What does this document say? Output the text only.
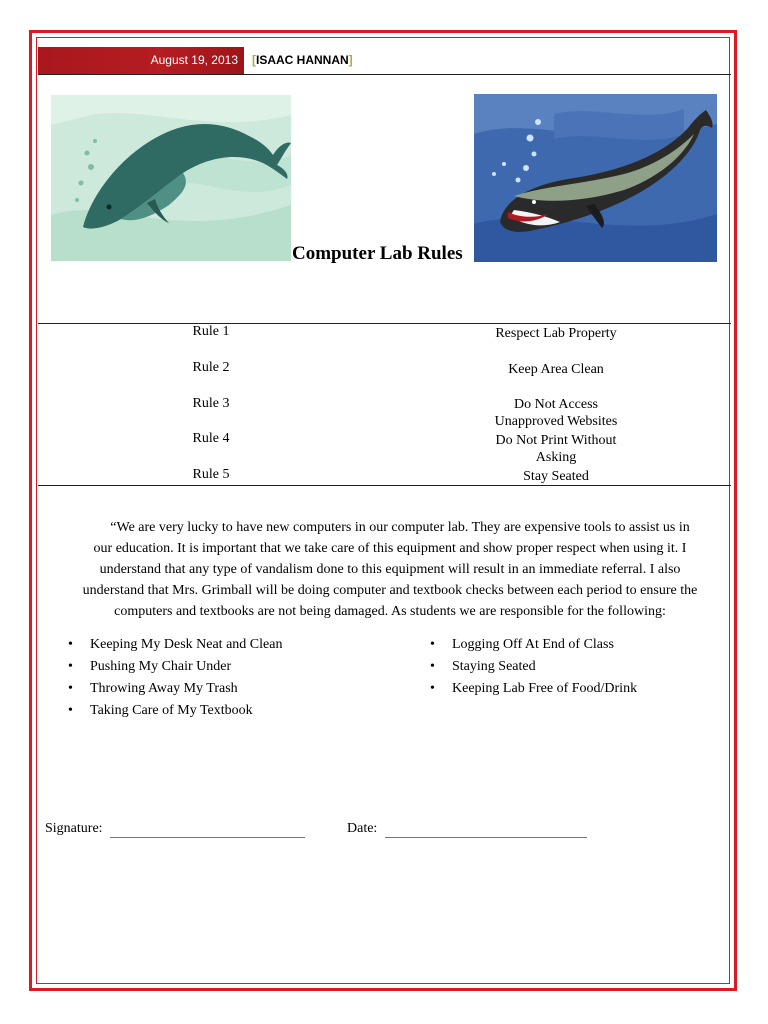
August 19, 2013	[ISAAC HANNAN]
Computer Lab Rules
Rule 1	Respect Lab Property
Rule 2	Keep Area Clean
Rule 3	Do Not Access
Unapproved Websites
Rule 4	Do Not Print Without
Asking
Rule 5	Stay Seated
“We are very lucky to have new computers in our computer lab. They are expensive tools to assist us in
our education. It is important that we take care of this equipment and show proper respect when using it. I
understand that any type of vandalism done to this equipment will result in an immediate referral. I also
understand that Mrs. Grimball will be doing computer and textbook checks between each period to ensure the
computers and textbooks are not being damaged. As students we are responsible for the following:
• Keeping My Desk Neat and Clean
• Pushing My Chair Under
• Throwing Away My Trash
• Taking Care of My Textbook
• Logging Off At End of Class
• Staying Seated
• Keeping Lab Free of Food/Drink
Signature:	Date:
